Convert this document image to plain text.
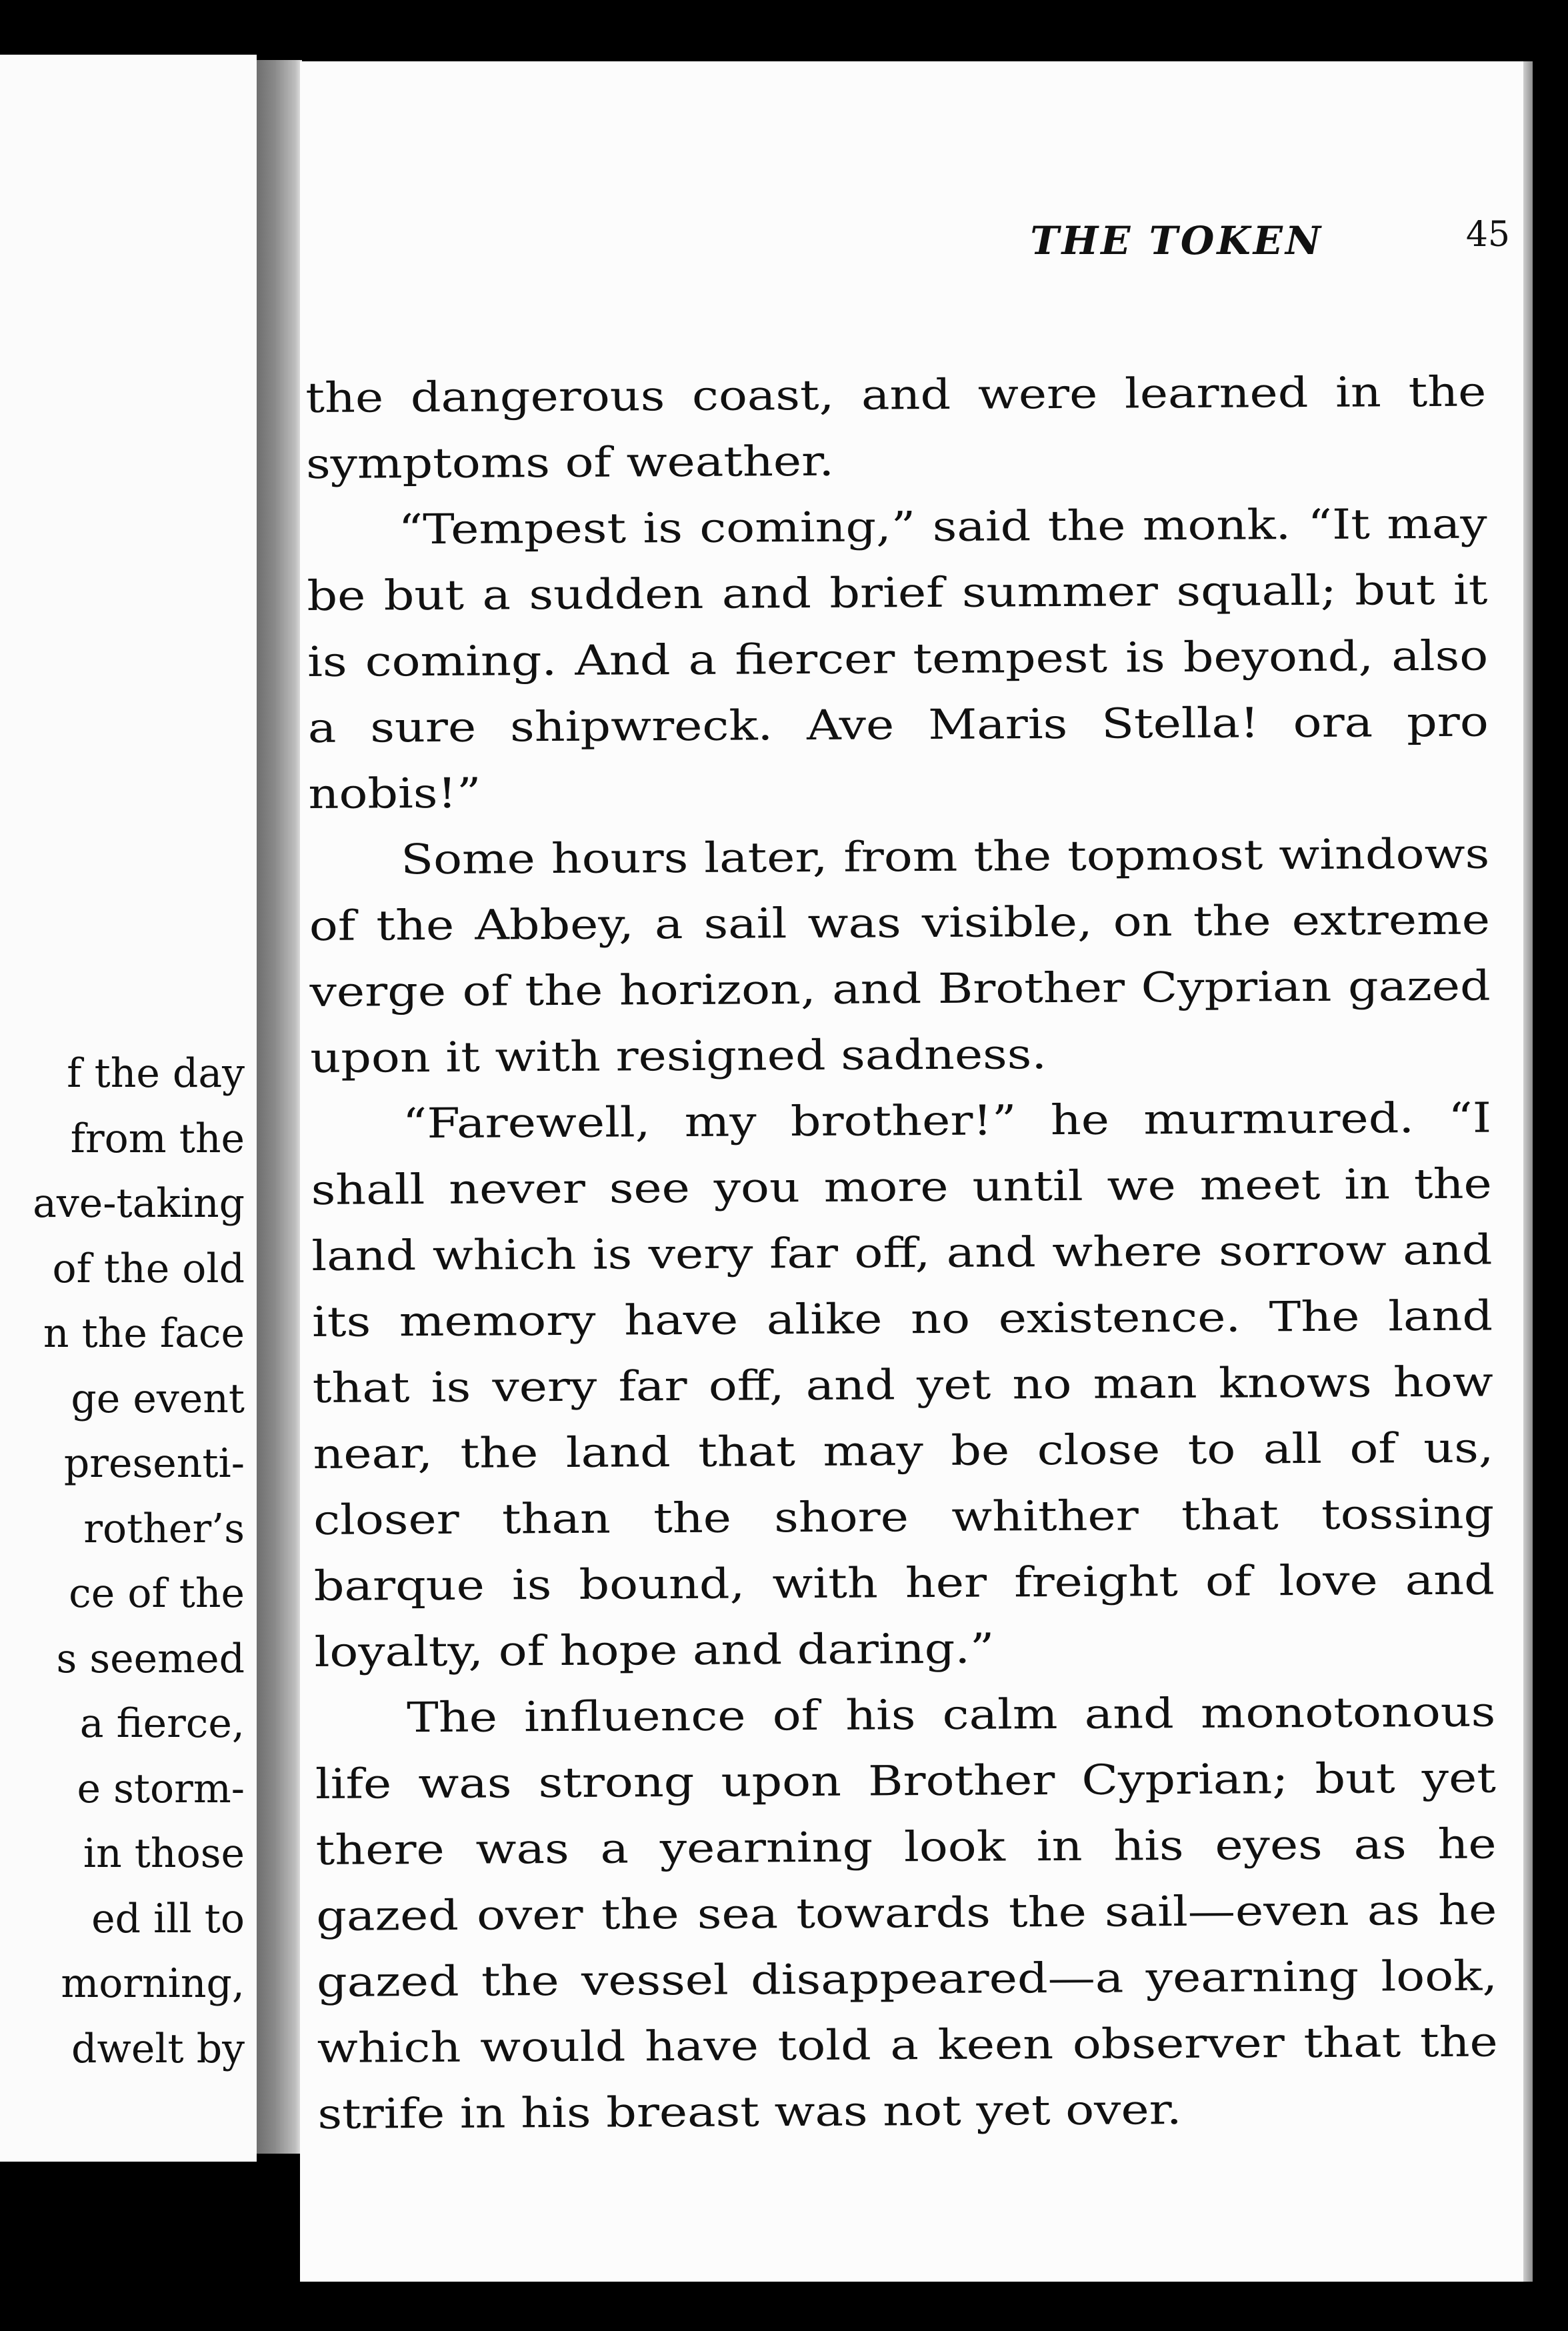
f the day
from the
ave-taking
of the old
n the face
ge event
presenti-
rother’s
ce of the
s seemed
a fierce,
e storm-
in those
ed ill to
morning,
dwelt by
THE TOKEN	45

the dangerous coast, and were learned in the symptoms of weather.

“Tempest is coming,” said the monk. “It may be but a sudden and brief summer squall; but it is coming. And a fiercer tempest is beyond, also a sure shipwreck. Ave Maris Stella! ora pro nobis!”

Some hours later, from the topmost windows of the Abbey, a sail was visible, on the extreme verge of the horizon, and Brother Cyprian gazed upon it with resigned sadness.

“Farewell, my brother!” he murmured. “I shall never see you more until we meet in the land which is very far off, and where sorrow and its memory have alike no existence. The land that is very far off, and yet no man knows how near, the land that may be close to all of us, closer than the shore whither that tossing barque is bound, with her freight of love and loyalty, of hope and daring.”

The influence of his calm and monotonous life was strong upon Brother Cyprian; but yet there was a yearning look in his eyes as he gazed over the sea towards the sail—even as he gazed the vessel disappeared—a yearning look, which would have told a keen observer that the strife in his breast was not yet over.
